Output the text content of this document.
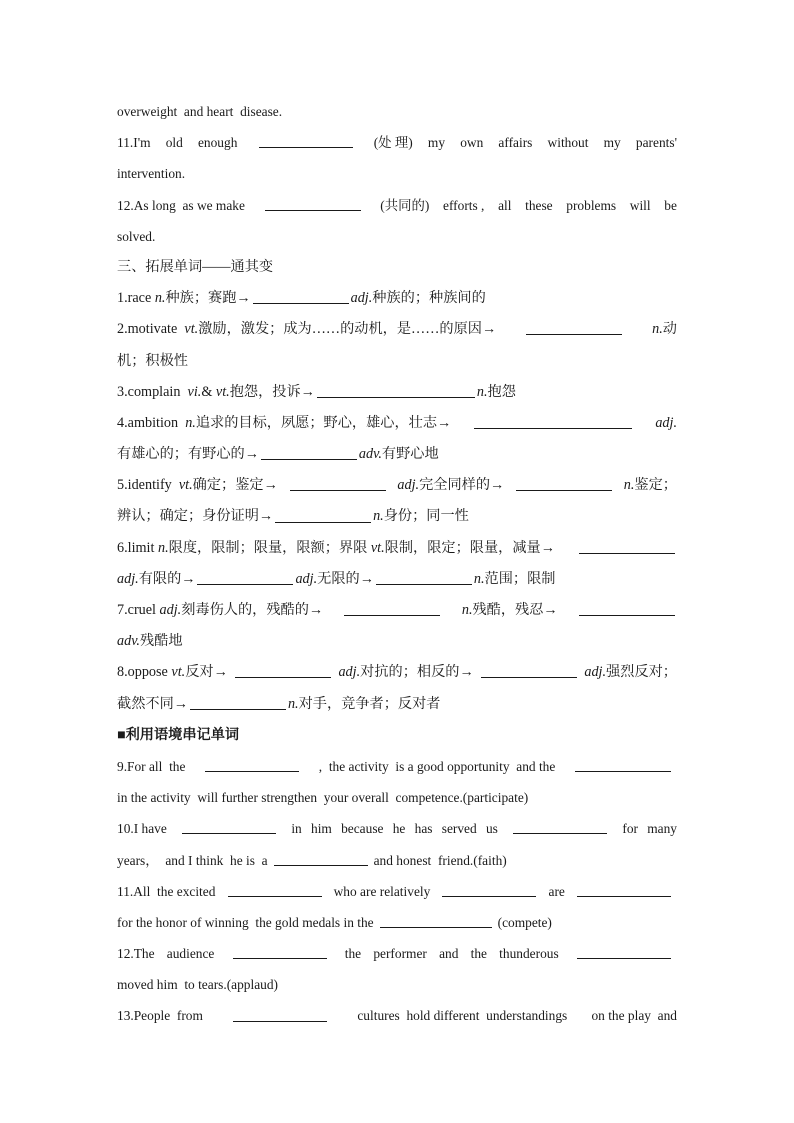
overweight  and heart  disease.
11.I'm old enough	(处 理) my own affairs without my parents'
intervention.
12.As long  as we make	(共同的) efforts , all these problems will be
solved.
三、拓展单词——通其变
1.race
n. 种族；赛跑→	adj. 种族的；种族间的
2.motivate vt.激励，激发；成为……的动机，是……的原因→	n.动
机；积极性
3.complain
vi. & vt. 抱怨，投诉→	n. 抱怨
4.ambition n.追求的目标，夙愿；野心，雄心，壮志→	adj.
有雄心的；有野心的→	adv. 有野心地
5.identify vt.确定；鉴定→	adj.完全同样的→	n.鉴定；
辨认；确定；身份证明→	n. 身份；同一性
6.limit n.限度，限制；限量，限额；界限 vt.限制，限定；限量，减量→
adj. 有限的→	adj. 无限的→	n. 范围；限制
7.cruel adj.刻毒伤人的，残酷的→	n.残酷，残忍→
adv. 残酷地
8.oppose vt.反对→	adj.对抗的；相反的→	adj.强烈反对；
截然不同→	n. 对手，竞争者；反对者
■ 利用语境串记单词
9.For all  the	,  the activity  is a good opportunity  and the
in the activity  will further strengthen  your overall  competence.(participate)
10.I have	in him because he has served us	for many
years，  and I think  he is  a	and honest  friend.(faith)
11.All  the excited	who are relatively	are
for the honor of winning  the gold medals in the	(compete)
12.The audience	the performer and the thunderous
moved him  to tears.(applaud)
13.People  from	cultures  hold different  understandings on the play  and
